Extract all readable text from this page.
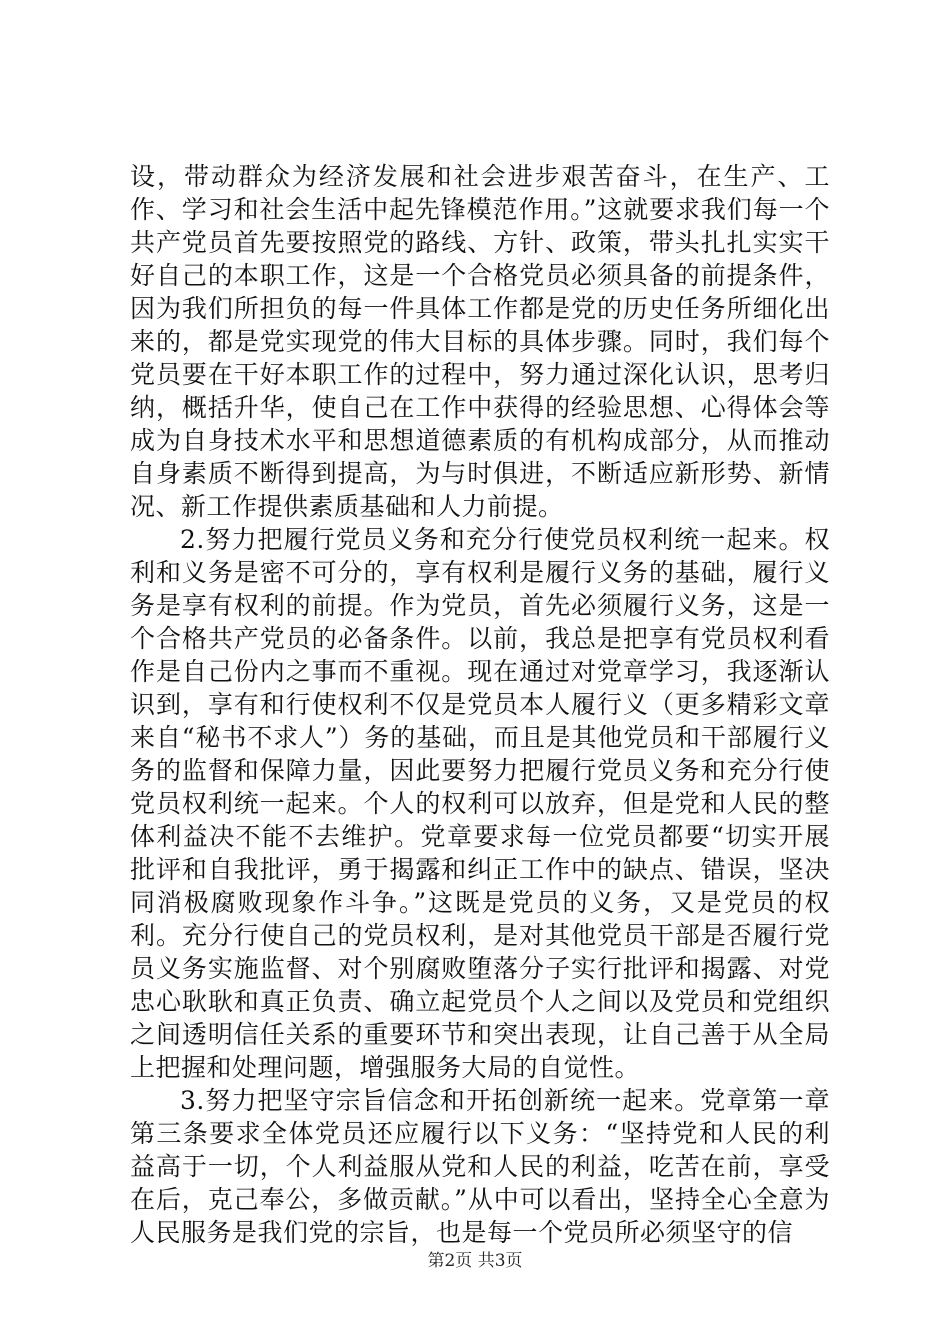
设，带动群众为经济发展和社会进步艰苦奋斗，在生产、工作、学习和社会生活中起先锋模范作用。”这就要求我们每一个共产党员首先要按照党的路线、方针、政策，带头扎扎实实干好自己的本职工作，这是一个合格党员必须具备的前提条件，因为我们所担负的每一件具体工作都是党的历史任务所细化出来的，都是党实现党的伟大目标的具体步骤。同时，我们每个党员要在干好本职工作的过程中，努力通过深化认识，思考归纳，概括升华，使自己在工作中获得的经验思想、心得体会等成为自身技术水平和思想道德素质的有机构成部分，从而推动自身素质不断得到提高，为与时俱进，不断适应新形势、新情况、新工作提供素质基础和人力前提。

2.努力把履行党员义务和充分行使党员权利统一起来。权利和义务是密不可分的，享有权利是履行义务的基础，履行义务是享有权利的前提。作为党员，首先必须履行义务，这是一个合格共产党员的必备条件。以前，我总是把享有党员权利看作是自己份内之事而不重视。现在通过对党章学习，我逐渐认识到，享有和行使权利不仅是党员本人履行义（更多精彩文章来自“秘书不求人”）务的基础，而且是其他党员和干部履行义务的监督和保障力量，因此要努力把履行党员义务和充分行使党员权利统一起来。个人的权利可以放弃，但是党和人民的整体利益决不能不去维护。党章要求每一位党员都要“切实开展批评和自我批评，勇于揭露和纠正工作中的缺点、错误，坚决同消极腐败现象作斗争。”这既是党员的义务，又是党员的权利。充分行使自己的党员权利，是对其他党员干部是否履行党员义务实施监督、对个别腐败堕落分子实行批评和揭露、对党忠心耿耿和真正负责、确立起党员个人之间以及党员和党组织之间透明信任关系的重要环节和突出表现，让自己善于从全局上把握和处理问题，增强服务大局的自觉性。

3.努力把坚守宗旨信念和开拓创新统一起来。党章第一章第三条要求全体党员还应履行以下义务：“坚持党和人民的利益高于一切，个人利益服从党和人民的利益，吃苦在前，享受在后，克己奉公，多做贡献。”从中可以看出，坚持全心全意为人民服务是我们党的宗旨，也是每一个党员所必须坚守的信

第2页 共3页
